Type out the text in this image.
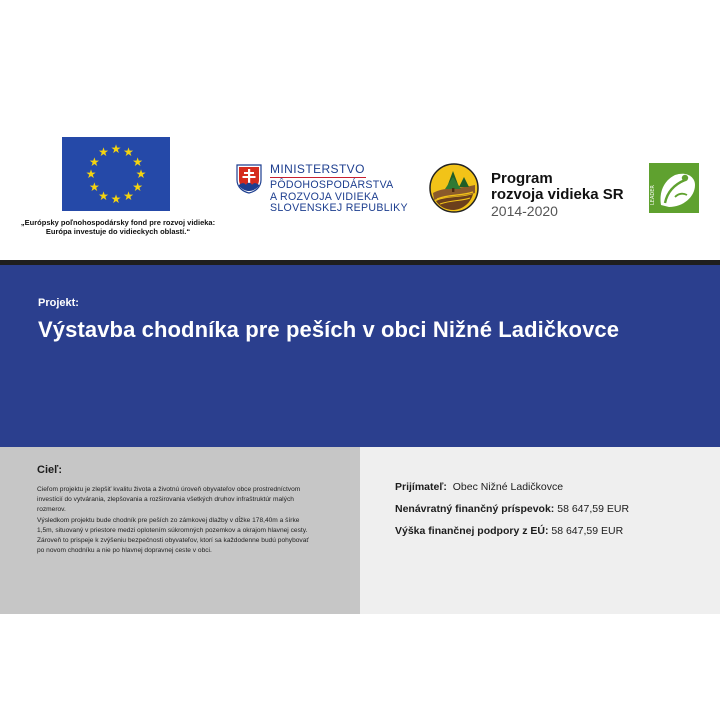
★ ★
★
★
★
★
★
★
★
★
★
★
„Európsky poľnohospodársky fond pre rozvoj vidieka:
Európa investuje do vidieckych oblastí.“
MINISTERSTVO
PÔDOHOSPODÁRSTVA
A ROZVOJA VIDIEKA
SLOVENSKEJ REPUBLIKY
Program
rozvoja vidieka SR
2014-2020
LEADER
Projekt:
Výstavba chodníka pre peších v obci Nižné Ladičkovce
Cieľ:
Cieľom projektu je zlepšiť kvalitu života a životnú úroveň obyvateľov obce prostredníctvom
investícií do vytvárania, zlepšovania a rozširovania všetkých druhov infraštruktúr malých
rozmerov.
Výsledkom projektu bude chodník pre peších zo zámkovej dlažby v dĺžke 178,40m a šírke
1,5m, situovaný v priestore medzi oplotením súkromných pozemkov a okrajom hlavnej cesty.
Zároveň to prispeje k zvýšeniu bezpečnosti obyvateľov, ktorí sa každodenne budú pohybovať
po novom chodníku a nie po hlavnej dopravnej ceste v obci.
Prijímateľ: Obec Nižné Ladičkovce
Nenávratný finančný príspevok: 58 647,59 EUR
Výška finančnej podpory z EÚ: 58 647,59 EUR
